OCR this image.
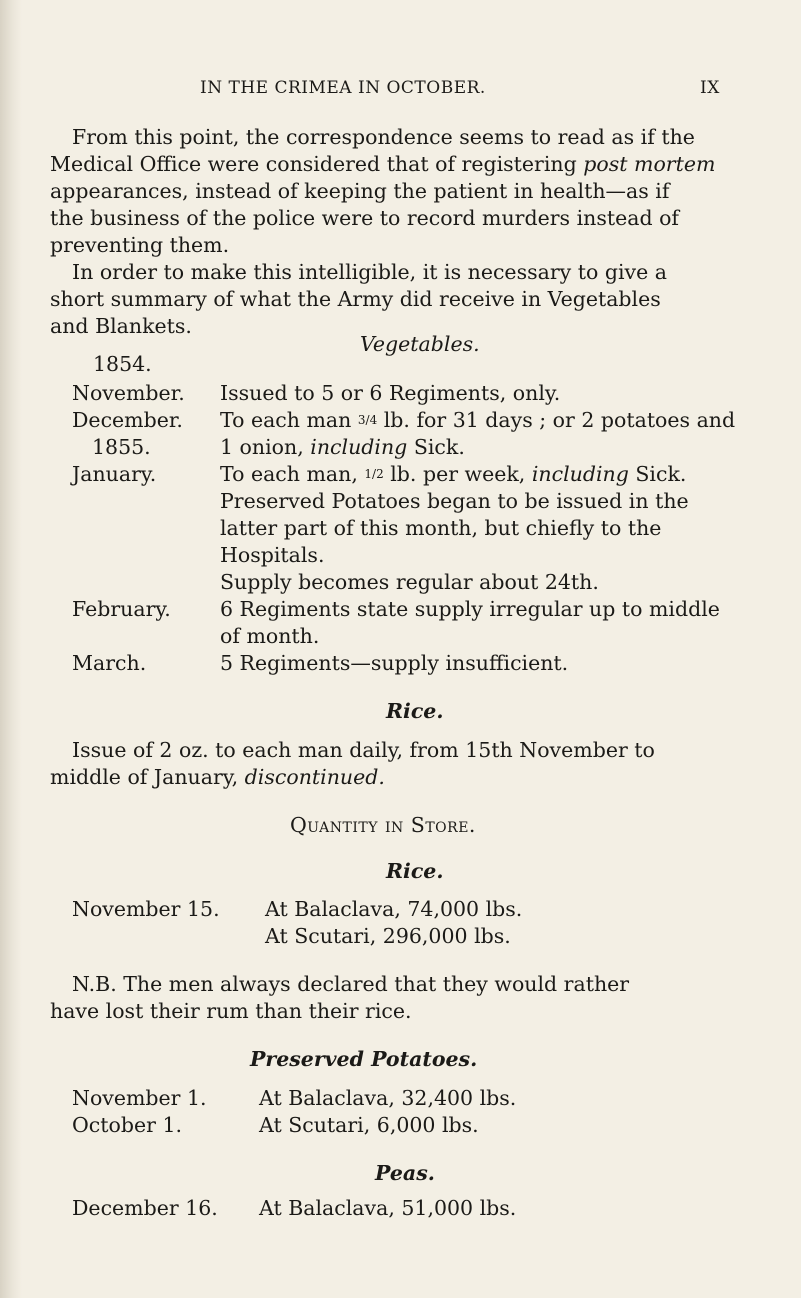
IN THE CRIMEA IN OCTOBER.	IX
From this point, the correspondence seems to read as if the
Medical Office were considered that of registering post mortem
appearances, instead of keeping the patient in health—as if
the business of the police were to record murders instead of
preventing them.
In order to make this intelligible, it is necessary to give a
short summary of what the Army did receive in Vegetables
and Blankets.
Vegetables.
1854.
November. Issued to 5 or 6 Regiments, only.
December. To each man 3/4 lb. for 31 days ; or 2 potatoes and
1855.	1 onion, including Sick.
January.	To each man, 1/2 lb. per week, including Sick.
Preserved Potatoes began to be issued in the
latter part of this month, but chiefly to the
Hospitals.
Supply becomes regular about 24th.
February. 6 Regiments state supply irregular up to middle
of month.
March.	5 Regiments—supply insufficient.
Rice.
Issue of 2 oz. to each man daily, from 15th November to
middle of January, discontinued.
Quantity in Store.
Rice.
November 15. At Balaclava, 74,000 lbs.
At Scutari, 296,000 lbs.
N.B. The men always declared that they would rather
have lost their rum than their rice.
Preserved Potatoes.
November 1.	At Balaclava, 32,400 lbs.
October 1.	At Scutari, 6,000 lbs.
Peas.
December 16. At Balaclava, 51,000 lbs.
